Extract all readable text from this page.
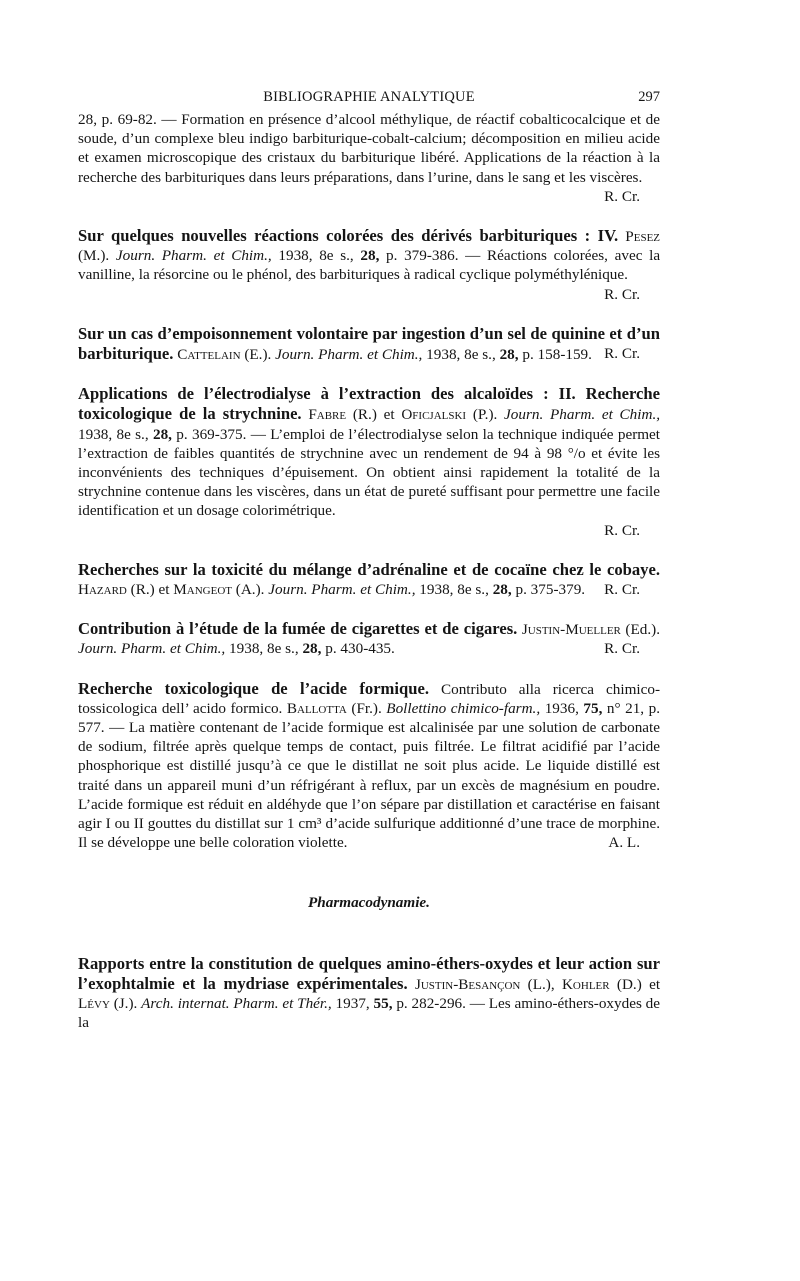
BIBLIOGRAPHIE ANALYTIQUE	297

28, p. 69-82. — Formation en présence d’alcool méthylique, de réactif cobalticocalcique et de soude, d’un complexe bleu indigo barbiturique-cobalt-calcium; décomposition en milieu acide et examen microscopique des cristaux du barbiturique libéré. Applications de la réaction à la recherche des barbituriques dans leurs préparations, dans l’urine, dans le sang et les viscères.
R. Cr.

Sur quelques nouvelles réactions colorées des dérivés barbituriques : IV. Pesez (M.). Journ. Pharm. et Chim., 1938, 8e s., 28, p. 379-386. — Réactions colorées, avec la vanilline, la résorcine ou le phénol, des barbituriques à radical cyclique polyméthylénique.
R. Cr.

Sur un cas d’empoisonnement volontaire par ingestion d’un sel de quinine et d’un barbiturique. Cattelain (E.). Journ. Pharm. et Chim., 1938, 8e s., 28, p. 158-159. R. Cr.

Applications de l’électrodialyse à l’extraction des alcaloïdes : II. Recherche toxicologique de la strychnine. Fabre (R.) et Oficjalski (P.). Journ. Pharm. et Chim., 1938, 8e s., 28, p. 369-375. — L’emploi de l’électrodialyse selon la technique indiquée permet l’extraction de faibles quantités de strychnine avec un rendement de 94 à 98 °/o et évite les inconvénients des techniques d’épuisement. On obtient ainsi rapidement la totalité de la strychnine contenue dans les viscères, dans un état de pureté suffisant pour permettre une facile identification et un dosage colorimétrique.

R. Cr.

Recherches sur la toxicité du mélange d’adrénaline et de cocaïne chez le cobaye. Hazard (R.) et Mangeot (A.). Journ. Pharm. et Chim., 1938, 8e s., 28, p. 375-379. R. Cr.

Contribution à l’étude de la fumée de cigarettes et de cigares. Justin-Mueller (Ed.). Journ. Pharm. et Chim., 1938, 8e s., 28, p. 430-435.	R. Cr.

Recherche toxicologique de l’acide formique. Contributo alla ricerca chimico-tossicologica dell’ acido formico. Ballotta (Fr.). Bollettino chimico-farm., 1936, 75, n° 21, p. 577. — La matière contenant de l’acide formique est alcalinisée par une solution de carbonate de sodium, filtrée après quelque temps de contact, puis filtrée. Le filtrat acidifié par l’acide phosphorique est distillé jusqu’à ce que le distillat ne soit plus acide. Le liquide distillé est traité dans un appareil muni d’un réfrigérant à reflux, par un excès de magnésium en poudre. L’acide formique est réduit en aldéhyde que l’on sépare par distillation et caractérise en faisant agir I ou II gouttes du distillat sur 1 cm³ d’acide sulfurique additionné d’une trace de morphine. Il se développe une belle coloration violette.	A. L.

Pharmacodynamie.

Rapports entre la constitution de quelques amino-éthers-oxydes et leur action sur l’exophtalmie et la mydriase expérimentales. Justin-Besançon (L.), Kohler (D.) et Lévy (J.). Arch. internat. Pharm. et Thér., 1937, 55, p. 282-296. — Les amino-éthers-oxydes de la
